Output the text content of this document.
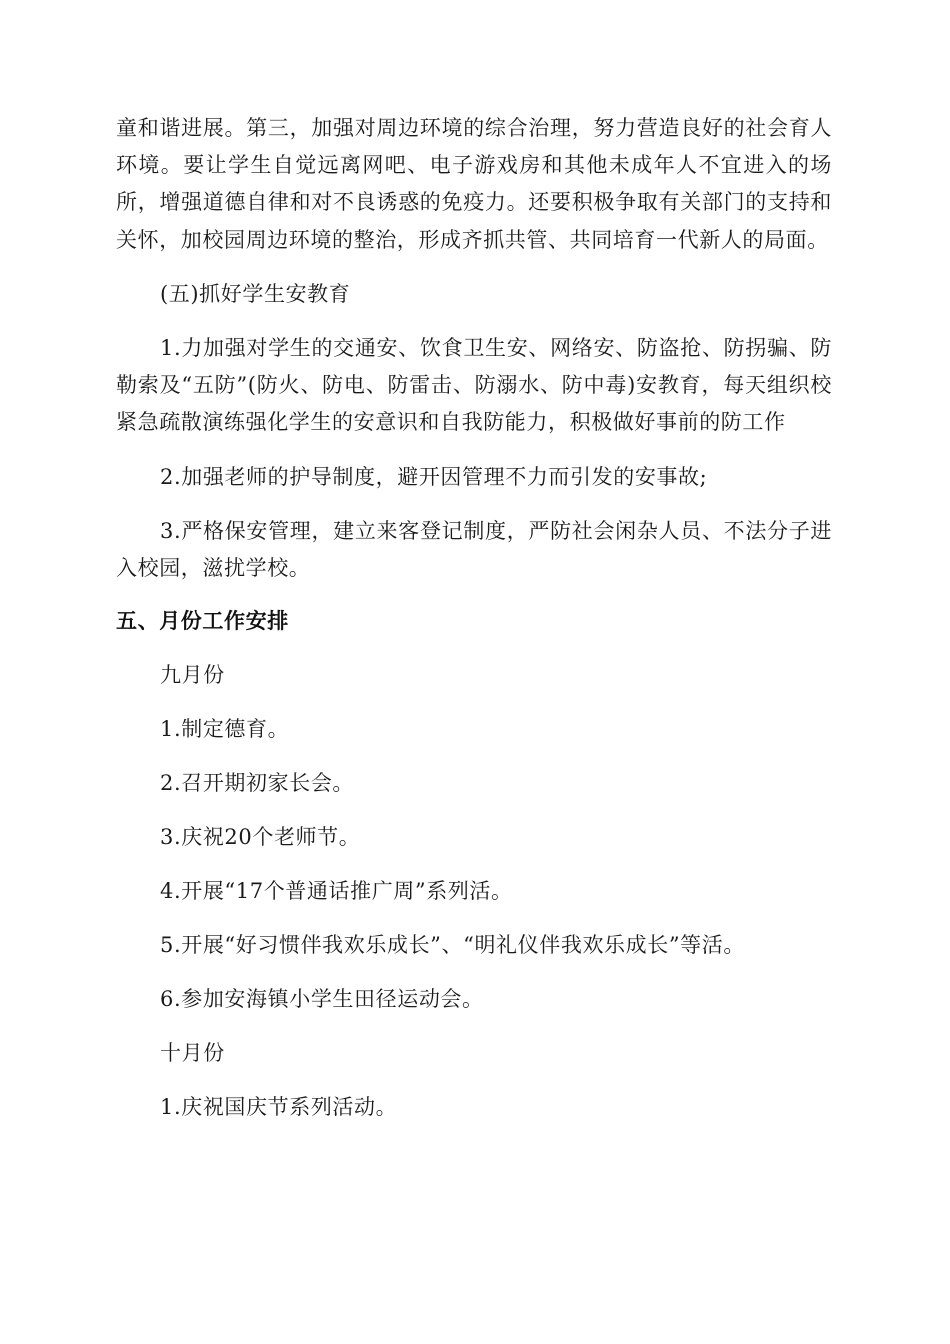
童和谐进展。第三，加强对周边环境的综合治理，努力营造良好的社会育人环境。要让学生自觉远离网吧、电子游戏房和其他未成年人不宜进入的场所，增强道德自律和对不良诱惑的免疫力。还要积极争取有关部门的支持和关怀，加校园周边环境的整治，形成齐抓共管、共同培育一代新人的局面。

(五)抓好学生安教育

1.力加强对学生的交通安、饮食卫生安、网络安、防盗抢、防拐骗、防勒索及“五防”(防火、防电、防雷击、防溺水、防中毒)安教育，每天组织校紧急疏散演练强化学生的安意识和自我防能力，积极做好事前的防工作

2.加强老师的护导制度，避开因管理不力而引发的安事故;

3.严格保安管理，建立来客登记制度，严防社会闲杂人员、不法分子进入校园，滋扰学校。

五、月份工作安排

九月份

1.制定德育。

2.召开期初家长会。

3.庆祝20个老师节。

4.开展“17个普通话推广周”系列活。

5.开展“好习惯伴我欢乐成长”、“明礼仪伴我欢乐成长”等活。

6.参加安海镇小学生田径运动会。

十月份

1.庆祝国庆节系列活动。
